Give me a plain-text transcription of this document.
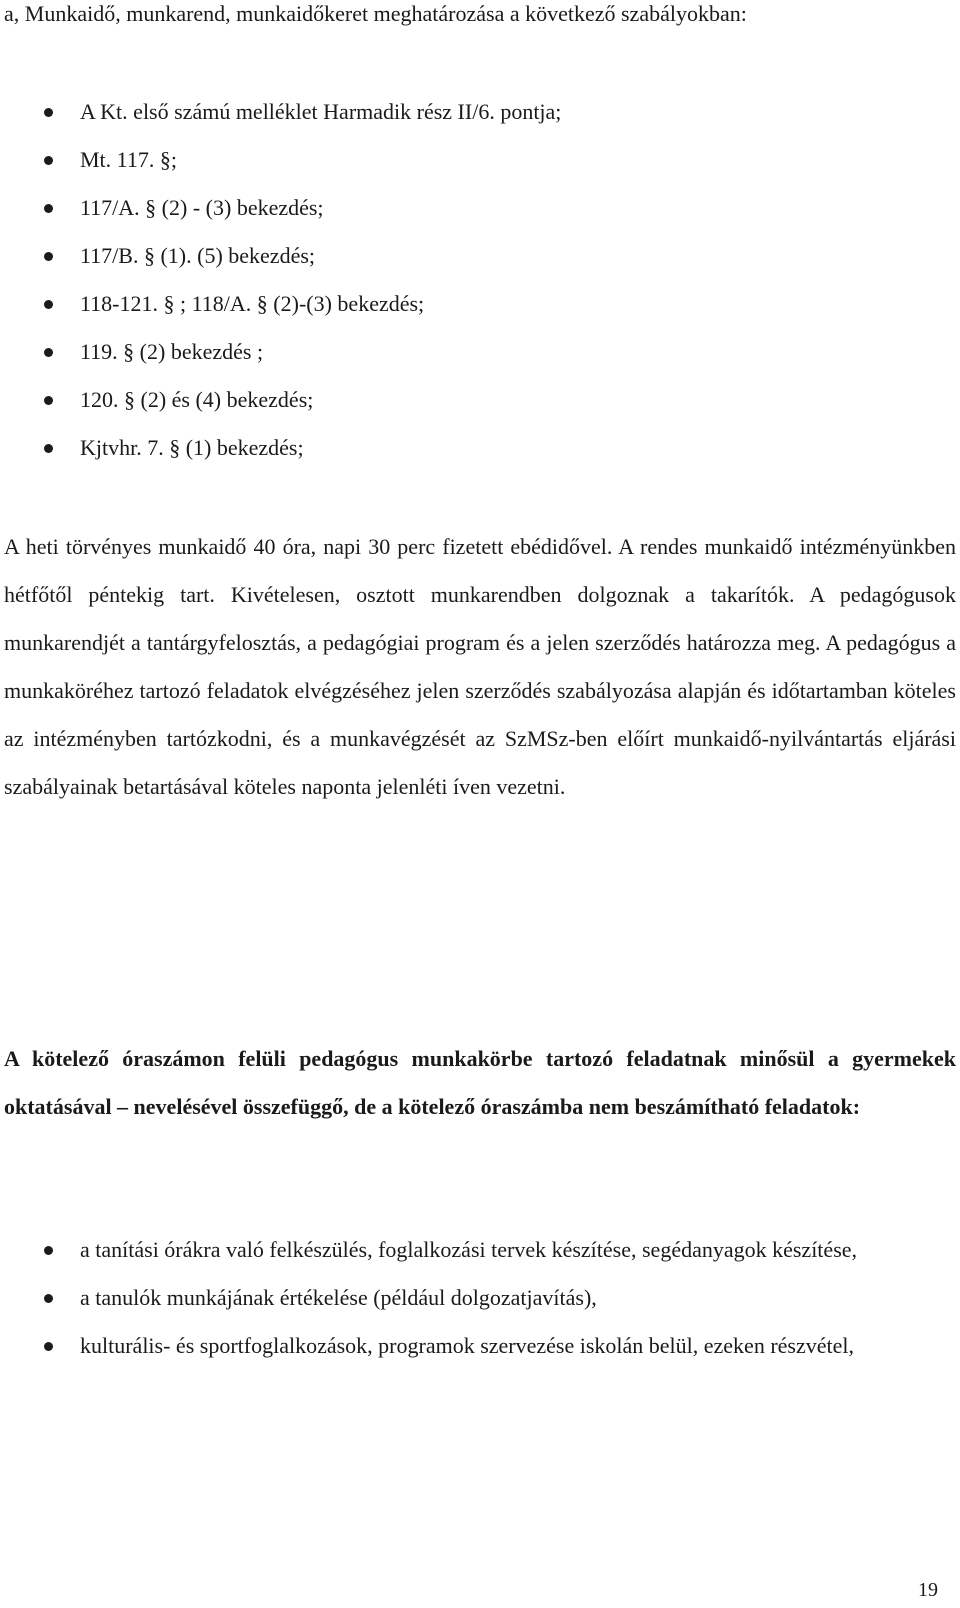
a, Munkaidő, munkarend, munkaidőkeret meghatározása a következő szabályokban:
A Kt. első számú melléklet Harmadik rész II/6. pontja;
Mt. 117. §;
117/A. § (2) - (3) bekezdés;
117/B. § (1). (5) bekezdés;
118-121. § ; 118/A. § (2)-(3) bekezdés;
119. § (2) bekezdés ;
120. § (2) és (4) bekezdés;
Kjtvhr. 7. § (1) bekezdés;
A heti törvényes munkaidő 40 óra, napi 30 perc fizetett ebédidővel. A rendes munkaidő intézményünkben hétfőtől péntekig tart. Kivételesen, osztott munkarendben dolgoznak a takarítók. A pedagógusok munkarendjét a tantárgyfelosztás, a pedagógiai program és a jelen szerződés határozza meg. A pedagógus a munkaköréhez tartozó feladatok elvégzéséhez jelen szerződés szabályozása alapján és időtartamban köteles az intézményben tartózkodni, és a munkavégzését az SzMSz-ben előírt munkaidő-nyilvántartás eljárási szabályainak betartásával köteles naponta jelenléti íven vezetni.
A kötelező óraszámon felüli pedagógus munkakörbe tartozó feladatnak minősül a gyermekek oktatásával – nevelésével összefüggő, de a kötelező óraszámba nem beszámítható feladatok:
a tanítási órákra való felkészülés, foglalkozási tervek készítése, segédanyagok készítése,
a tanulók munkájának értékelése (például dolgozatjavítás),
kulturális- és sportfoglalkozások, programok szervezése iskolán belül, ezeken részvétel,
19
